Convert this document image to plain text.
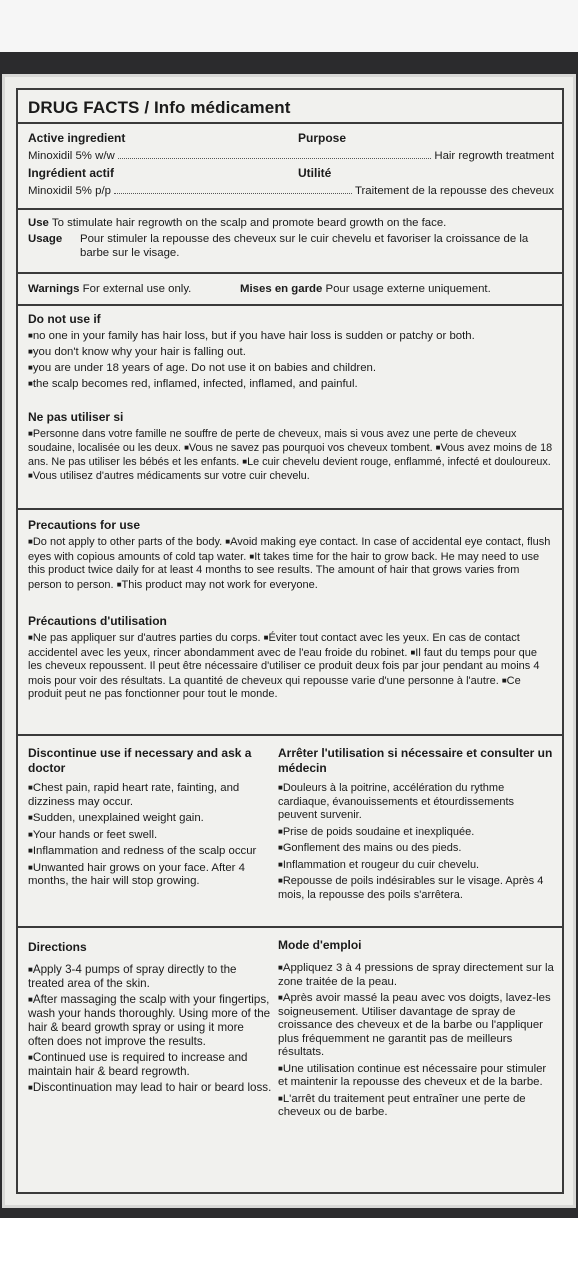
DRUG FACTS / Info médicament
Active ingredient	Purpose
Minoxidil 5% w/w	Hair regrowth treatment
Ingrédient actif	Utilité
Minoxidil 5% p/p	Traitement de la repousse des cheveux
Use To stimulate hair regrowth on the scalp and promote beard growth on the face.
Usage	Pour stimuler la repousse des cheveux sur le cuir chevelu et favoriser la croissance de la barbe sur le visage.
Warnings For external use only.	Mises en garde Pour usage externe uniquement.
Do not use if

■ no one in your family has hair loss, but if you have hair loss is sudden or patchy or both.

■ you don't know why your hair is falling out.

■ you are under 18 years of age. Do not use it on babies and children.

■ the scalp becomes red, inflamed, infected, inflamed, and painful.

Ne pas utiliser si
■ Personne dans votre famille ne souffre de perte de cheveux, mais si vous avez une perte de cheveux soudaine, localisée ou les deux. ■ Vous ne savez pas pourquoi vos cheveux tombent. ■ Vous avez moins de 18 ans. Ne pas utiliser les bébés et les enfants. ■ Le cuir chevelu devient rouge, enflammé, infecté et douloureux. ■ Vous utilisez d'autres médicaments sur votre cuir chevelu.
Precautions for use
■ Do not apply to other parts of the body. ■ Avoid making eye contact. In case of accidental eye contact, flush eyes with copious amounts of cold tap water. ■ It takes time for the hair to grow back. He may need to use this product twice daily for at least 4 months to see results. The amount of hair that grows varies from person to person. ■ This product may not work for everyone.
Précautions d'utilisation
■ Ne pas appliquer sur d'autres parties du corps. ■ Éviter tout contact avec les yeux. En cas de contact accidentel avec les yeux, rincer abondamment avec de l'eau froide du robinet. ■ Il faut du temps pour que les cheveux repoussent. Il peut être nécessaire d'utiliser ce produit deux fois par jour pendant au moins 4 mois pour voir des résultats. La quantité de cheveux qui repousse varie d'une personne à l'autre. ■ Ce produit peut ne pas fonctionner pour tout le monde.
Discontinue use if necessary and ask a doctor

■ Chest pain, rapid heart rate, fainting, and dizziness may occur.

■ Sudden, unexplained weight gain.

■ Your hands or feet swell.

■ Inflammation and redness of the scalp occur

■ Unwanted hair grows on your face. After 4 months, the hair will stop growing.

Arrêter l'utilisation si nécessaire et consulter un médecin

■ Douleurs à la poitrine, accélération du rythme cardiaque, évanouissements et étourdissements peuvent survenir.

■ Prise de poids soudaine et inexpliquée.

■ Gonflement des mains ou des pieds.

■ Inflammation et rougeur du cuir chevelu.

■ Repousse de poils indésirables sur le visage. Après 4 mois, la repousse des poils s'arrêtera.

Directions

■ Apply 3-4 pumps of spray directly to the treated area of the skin.

■ After massaging the scalp with your fingertips, wash your hands thoroughly. Using more of the hair & beard growth spray or using it more often does not improve the results.

■ Continued use is required to increase and maintain hair & beard regrowth.

■ Discontinuation may lead to hair or beard loss.

Mode d'emploi

■ Appliquez 3 à 4 pressions de spray directement sur la zone traitée de la peau.

■ Après avoir massé la peau avec vos doigts, lavez-les soigneusement. Utiliser davantage de spray de croissance des cheveux et de la barbe ou l'appliquer plus fréquemment ne garantit pas de meilleurs résultats.

■ Une utilisation continue est nécessaire pour stimuler et maintenir la repousse des cheveux et de la barbe.

■ L'arrêt du traitement peut entraîner une perte de cheveux ou de barbe.
